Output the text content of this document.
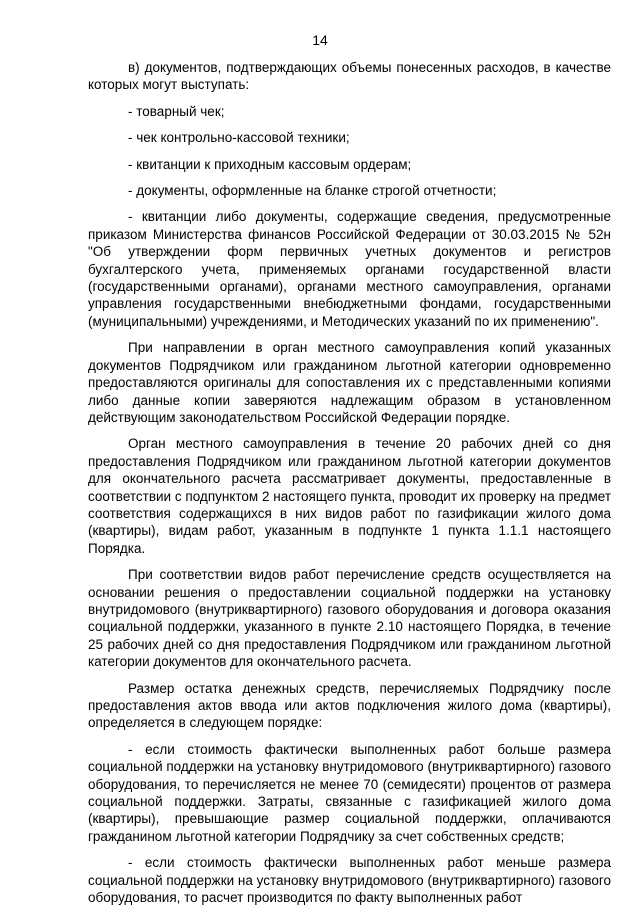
14

в) документов, подтверждающих объемы понесенных расходов, в качестве которых могут выступать:

- товарный чек;

- чек контрольно-кассовой техники;

- квитанции к приходным кассовым ордерам;

- документы, оформленные на бланке строгой отчетности;

- квитанции либо документы, содержащие сведения, предусмотренные приказом Министерства финансов Российской Федерации от 30.03.2015 № 52н "Об утверждении форм первичных учетных документов и регистров бухгалтерского учета, применяемых органами государственной власти (государственными органами), органами местного самоуправления, органами управления государственными внебюджетными фондами, государственными (муниципальными) учреждениями, и Методических указаний по их применению".

При направлении в орган местного самоуправления копий указанных документов Подрядчиком или гражданином льготной категории одновременно предоставляются оригиналы для сопоставления их с представленными копиями либо данные копии заверяются надлежащим образом в установленном действующим законодательством Российской Федерации порядке.

Орган местного самоуправления в течение 20 рабочих дней со дня предоставления Подрядчиком или гражданином льготной категории документов для окончательного расчета рассматривает документы, предоставленные в соответствии с подпунктом 2 настоящего пункта, проводит их проверку на предмет соответствия содержащихся в них видов работ по газификации жилого дома (квартиры), видам работ, указанным в подпункте 1 пункта 1.1.1 настоящего Порядка.

При соответствии видов работ перечисление средств осуществляется на основании решения о предоставлении социальной поддержки на установку внутридомового (внутриквартирного) газового оборудования и договора оказания социальной поддержки, указанного в пункте 2.10 настоящего Порядка, в течение 25 рабочих дней со дня предоставления Подрядчиком или гражданином льготной категории документов для окончательного расчета.

Размер остатка денежных средств, перечисляемых Подрядчику после предоставления актов ввода или актов подключения жилого дома (квартиры), определяется в следующем порядке:

- если стоимость фактически выполненных работ больше размера социальной поддержки на установку внутридомового (внутриквартирного) газового оборудования, то перечисляется не менее 70 (семидесяти) процентов от размера социальной поддержки. Затраты, связанные с газификацией жилого дома (квартиры), превышающие размер социальной поддержки, оплачиваются гражданином льготной категории Подрядчику за счет собственных средств;

- если стоимость фактически выполненных работ меньше размера социальной поддержки на установку внутридомового (внутриквартирного) газового оборудования, то расчет производится по факту выполненных работ
